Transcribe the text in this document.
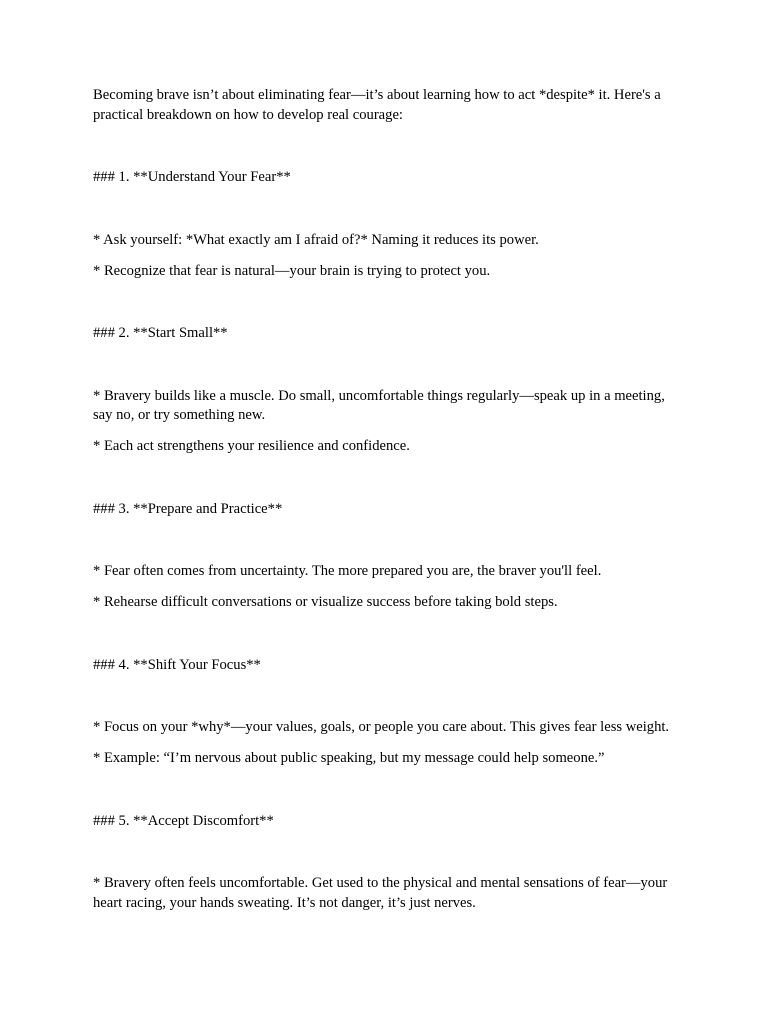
Becoming brave isn’t about eliminating fear—it’s about learning how to act *despite* it. Here's a practical breakdown on how to develop real courage:

### 1. **Understand Your Fear**

* Ask yourself: *What exactly am I afraid of?* Naming it reduces its power.

* Recognize that fear is natural—your brain is trying to protect you.

### 2. **Start Small**

* Bravery builds like a muscle. Do small, uncomfortable things regularly—speak up in a meeting, say no, or try something new.

* Each act strengthens your resilience and confidence.

### 3. **Prepare and Practice**

* Fear often comes from uncertainty. The more prepared you are, the braver you'll feel.

* Rehearse difficult conversations or visualize success before taking bold steps.

### 4. **Shift Your Focus**

* Focus on your *why*—your values, goals, or people you care about. This gives fear less weight.

* Example: “I’m nervous about public speaking, but my message could help someone.”

### 5. **Accept Discomfort**

* Bravery often feels uncomfortable. Get used to the physical and mental sensations of fear—your heart racing, your hands sweating. It’s not danger, it’s just nerves.
